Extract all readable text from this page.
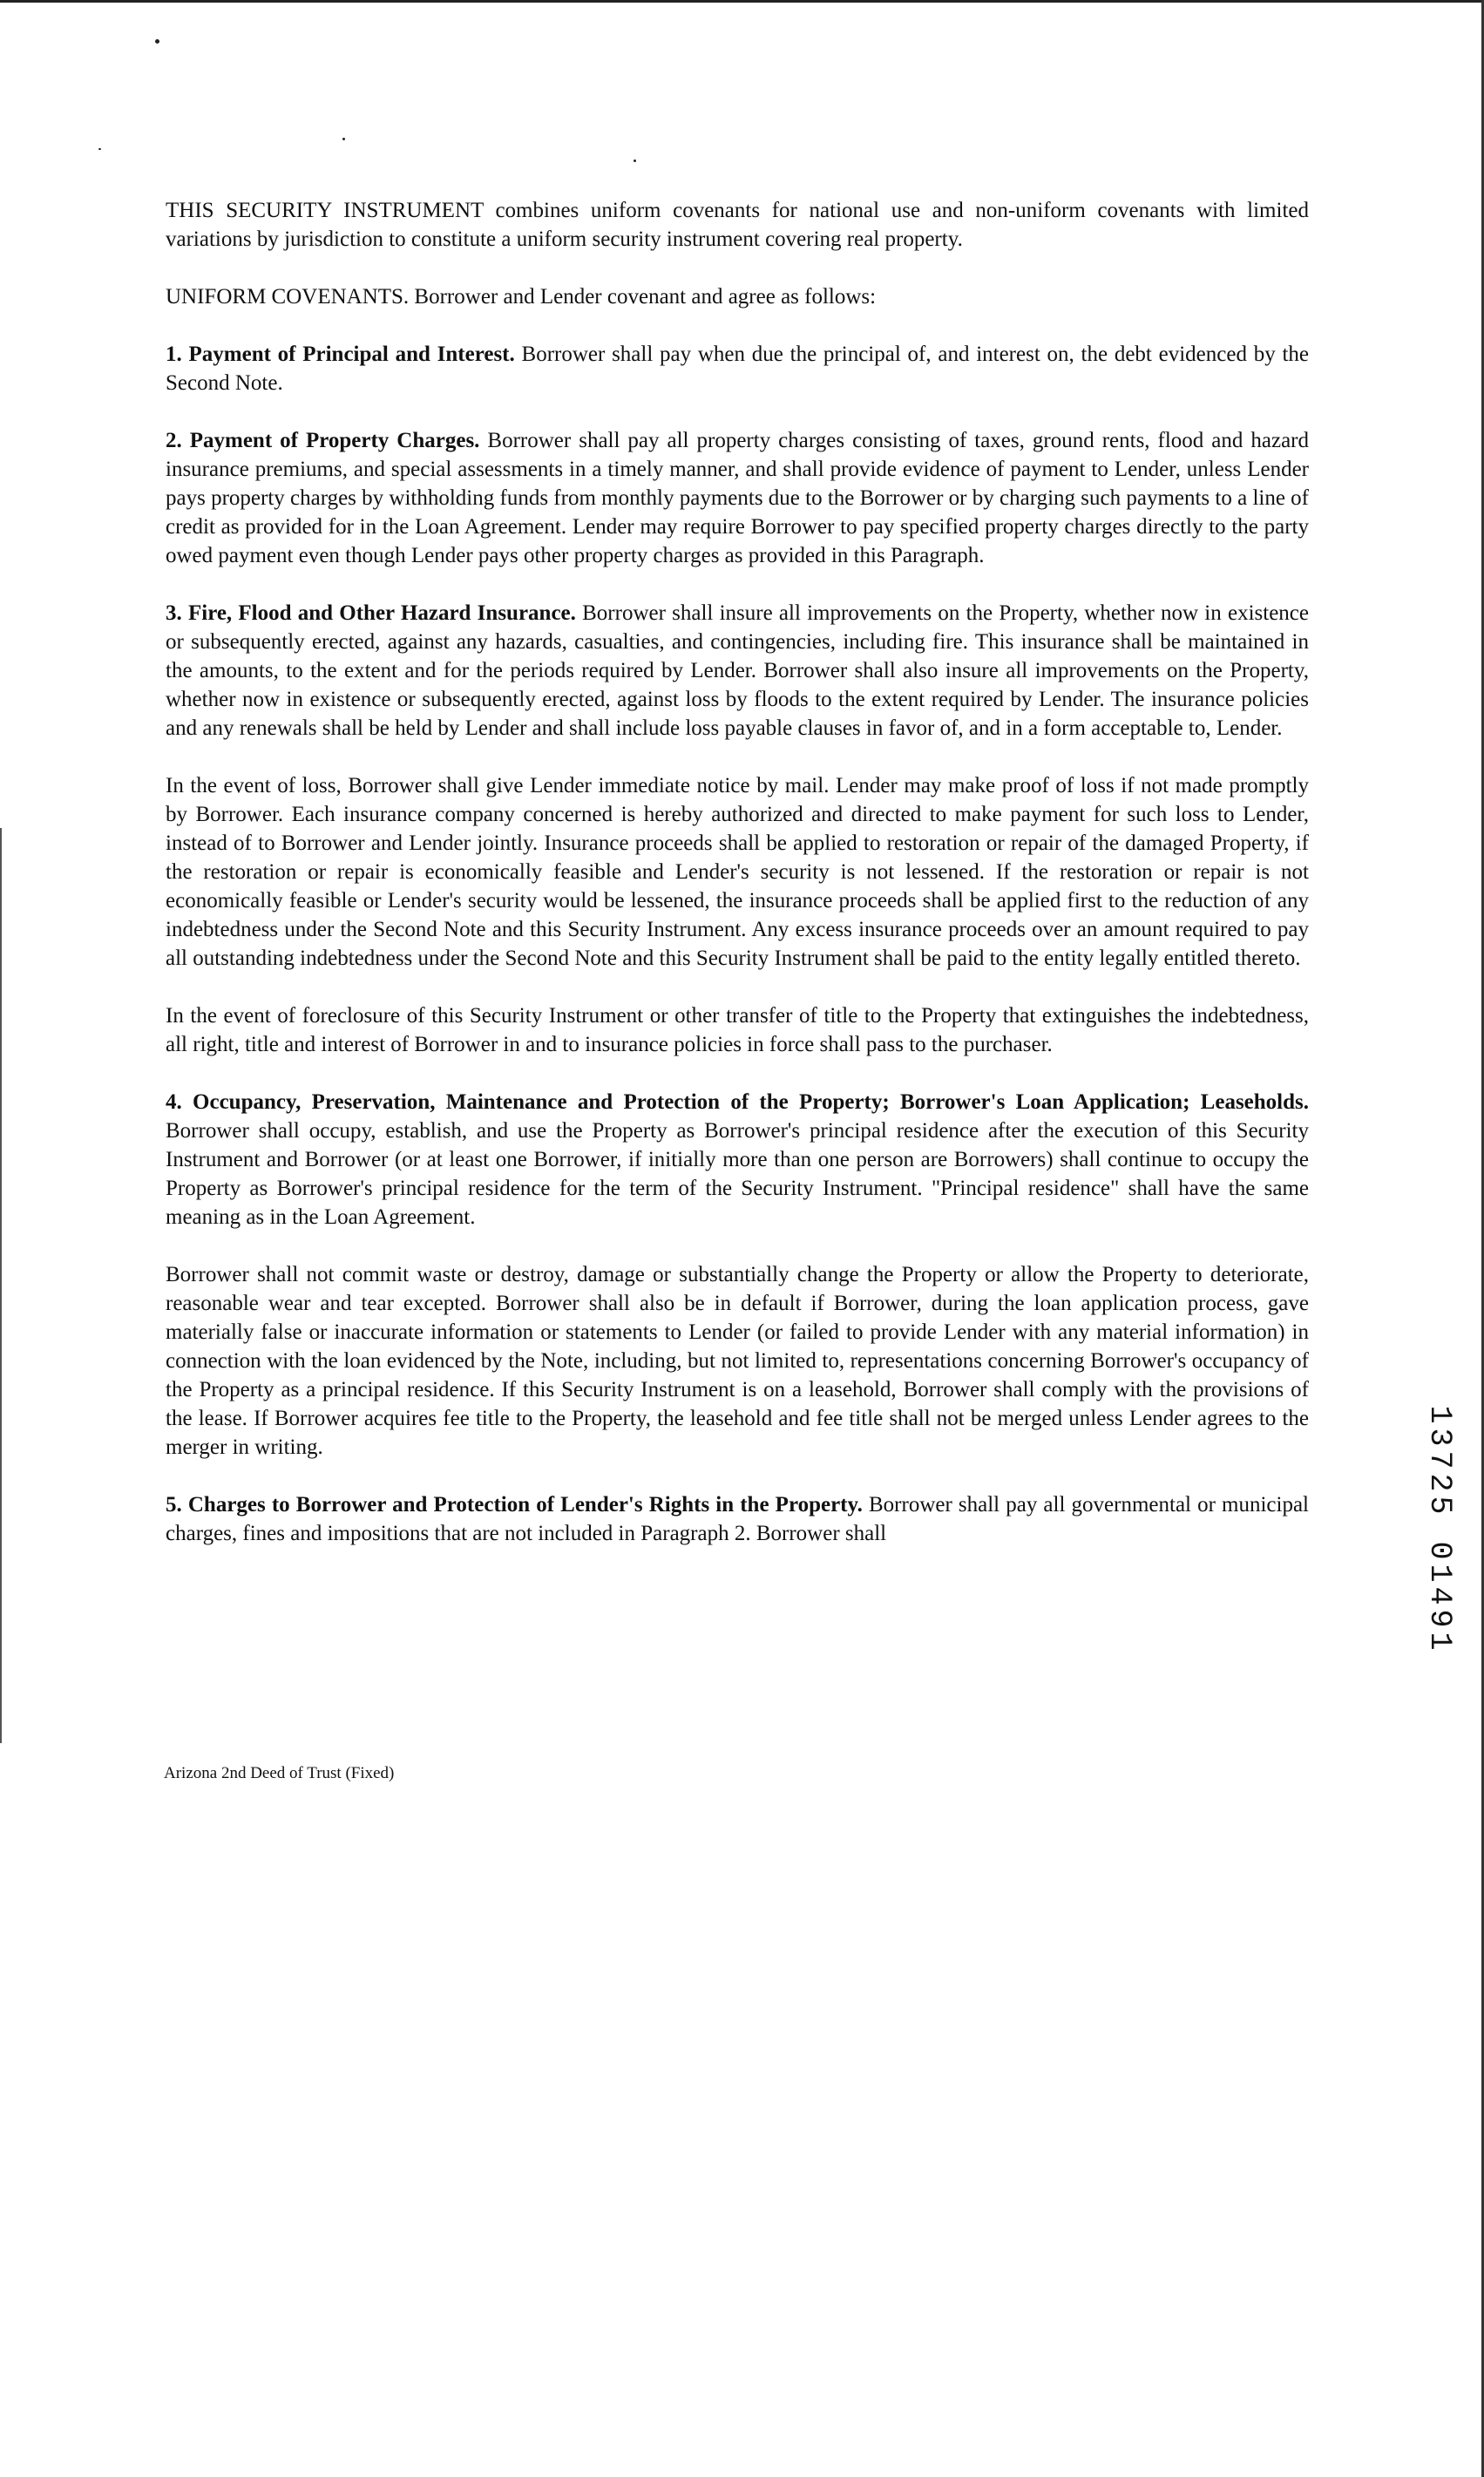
THIS SECURITY INSTRUMENT combines uniform covenants for national use and non-uniform covenants with limited variations by jurisdiction to constitute a uniform security instrument covering real property.

UNIFORM COVENANTS. Borrower and Lender covenant and agree as follows:

1. Payment of Principal and Interest. Borrower shall pay when due the principal of, and interest on, the debt evidenced by the Second Note.

2. Payment of Property Charges. Borrower shall pay all property charges consisting of taxes, ground rents, flood and hazard insurance premiums, and special assessments in a timely manner, and shall provide evidence of payment to Lender, unless Lender pays property charges by withholding funds from monthly payments due to the Borrower or by charging such payments to a line of credit as provided for in the Loan Agreement. Lender may require Borrower to pay specified property charges directly to the party owed payment even though Lender pays other property charges as provided in this Paragraph.

3. Fire, Flood and Other Hazard Insurance. Borrower shall insure all improvements on the Property, whether now in existence or subsequently erected, against any hazards, casualties, and contingencies, including fire. This insurance shall be maintained in the amounts, to the extent and for the periods required by Lender. Borrower shall also insure all improvements on the Property, whether now in existence or subsequently erected, against loss by floods to the extent required by Lender. The insurance policies and any renewals shall be held by Lender and shall include loss payable clauses in favor of, and in a form acceptable to, Lender.

In the event of loss, Borrower shall give Lender immediate notice by mail. Lender may make proof of loss if not made promptly by Borrower. Each insurance company concerned is hereby authorized and directed to make payment for such loss to Lender, instead of to Borrower and Lender jointly. Insurance proceeds shall be applied to restoration or repair of the damaged Property, if the restoration or repair is economically feasible and Lender's security is not lessened. If the restoration or repair is not economically feasible or Lender's security would be lessened, the insurance proceeds shall be applied first to the reduction of any indebtedness under the Second Note and this Security Instrument. Any excess insurance proceeds over an amount required to pay all outstanding indebtedness under the Second Note and this Security Instrument shall be paid to the entity legally entitled thereto.

In the event of foreclosure of this Security Instrument or other transfer of title to the Property that extinguishes the indebtedness, all right, title and interest of Borrower in and to insurance policies in force shall pass to the purchaser.

4. Occupancy, Preservation, Maintenance and Protection of the Property; Borrower's Loan Application; Leaseholds. Borrower shall occupy, establish, and use the Property as Borrower's principal residence after the execution of this Security Instrument and Borrower (or at least one Borrower, if initially more than one person are Borrowers) shall continue to occupy the Property as Borrower's principal residence for the term of the Security Instrument. "Principal residence" shall have the same meaning as in the Loan Agreement.

Borrower shall not commit waste or destroy, damage or substantially change the Property or allow the Property to deteriorate, reasonable wear and tear excepted. Borrower shall also be in default if Borrower, during the loan application process, gave materially false or inaccurate information or statements to Lender (or failed to provide Lender with any material information) in connection with the loan evidenced by the Note, including, but not limited to, representations concerning Borrower's occupancy of the Property as a principal residence. If this Security Instrument is on a leasehold, Borrower shall comply with the provisions of the lease. If Borrower acquires fee title to the Property, the leasehold and fee title shall not be merged unless Lender agrees to the merger in writing.

5. Charges to Borrower and Protection of Lender's Rights in the Property. Borrower shall pay all governmental or municipal charges, fines and impositions that are not included in Paragraph 2. Borrower shall

Arizona 2nd Deed of Trust (Fixed)
1
3
7
2
5

0
1
4
9
1
